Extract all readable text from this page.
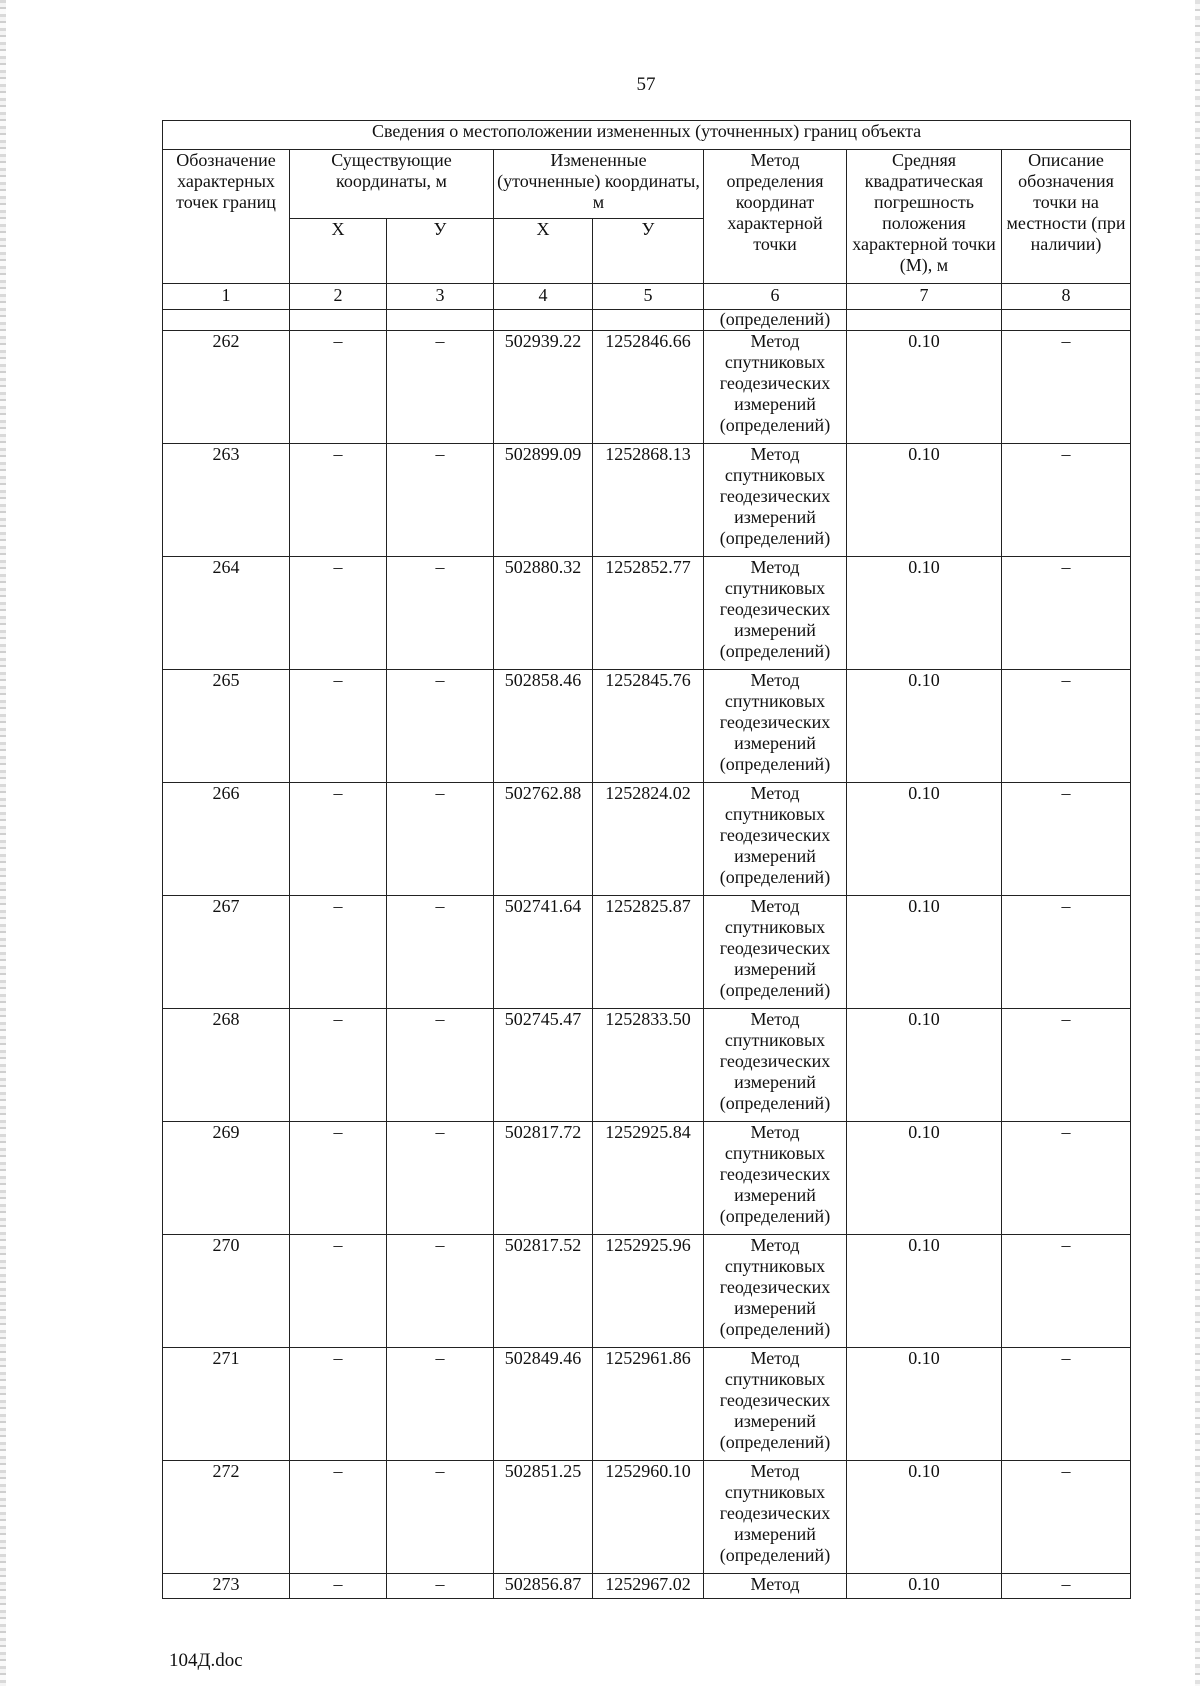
57
Сведения о местоположении измененных (уточненных) границ объекта							
Обозначение характерных точек границ	Существующие координаты, м		Измененные (уточненные) координаты, м		Метод определения координат характерной точки	Средняя квадратическая погрешность положения характерной точки (М), м	Описание обозначения точки на местности (при наличии)
	Х	У	Х	У			
1	2	3	4	5	6	7	8
					(определений)		
262	–	–	502939.22	1252846.66	Метод спутниковых геодезических измерений (определений)	0.10	–
263	–	–	502899.09	1252868.13	Метод спутниковых геодезических измерений (определений)	0.10	–
264	–	–	502880.32	1252852.77	Метод спутниковых геодезических измерений (определений)	0.10	–
265	–	–	502858.46	1252845.76	Метод спутниковых геодезических измерений (определений)	0.10	–
266	–	–	502762.88	1252824.02	Метод спутниковых геодезических измерений (определений)	0.10	–
267	–	–	502741.64	1252825.87	Метод спутниковых геодезических измерений (определений)	0.10	–
268	–	–	502745.47	1252833.50	Метод спутниковых геодезических измерений (определений)	0.10	–
269	–	–	502817.72	1252925.84	Метод спутниковых геодезических измерений (определений)	0.10	–
270	–	–	502817.52	1252925.96	Метод спутниковых геодезических измерений (определений)	0.10	–
271	–	–	502849.46	1252961.86	Метод спутниковых геодезических измерений (определений)	0.10	–
272	–	–	502851.25	1252960.10	Метод спутниковых геодезических измерений (определений)	0.10	–
273	–	–	502856.87	1252967.02	Метод	0.10	–
104Д.doc
